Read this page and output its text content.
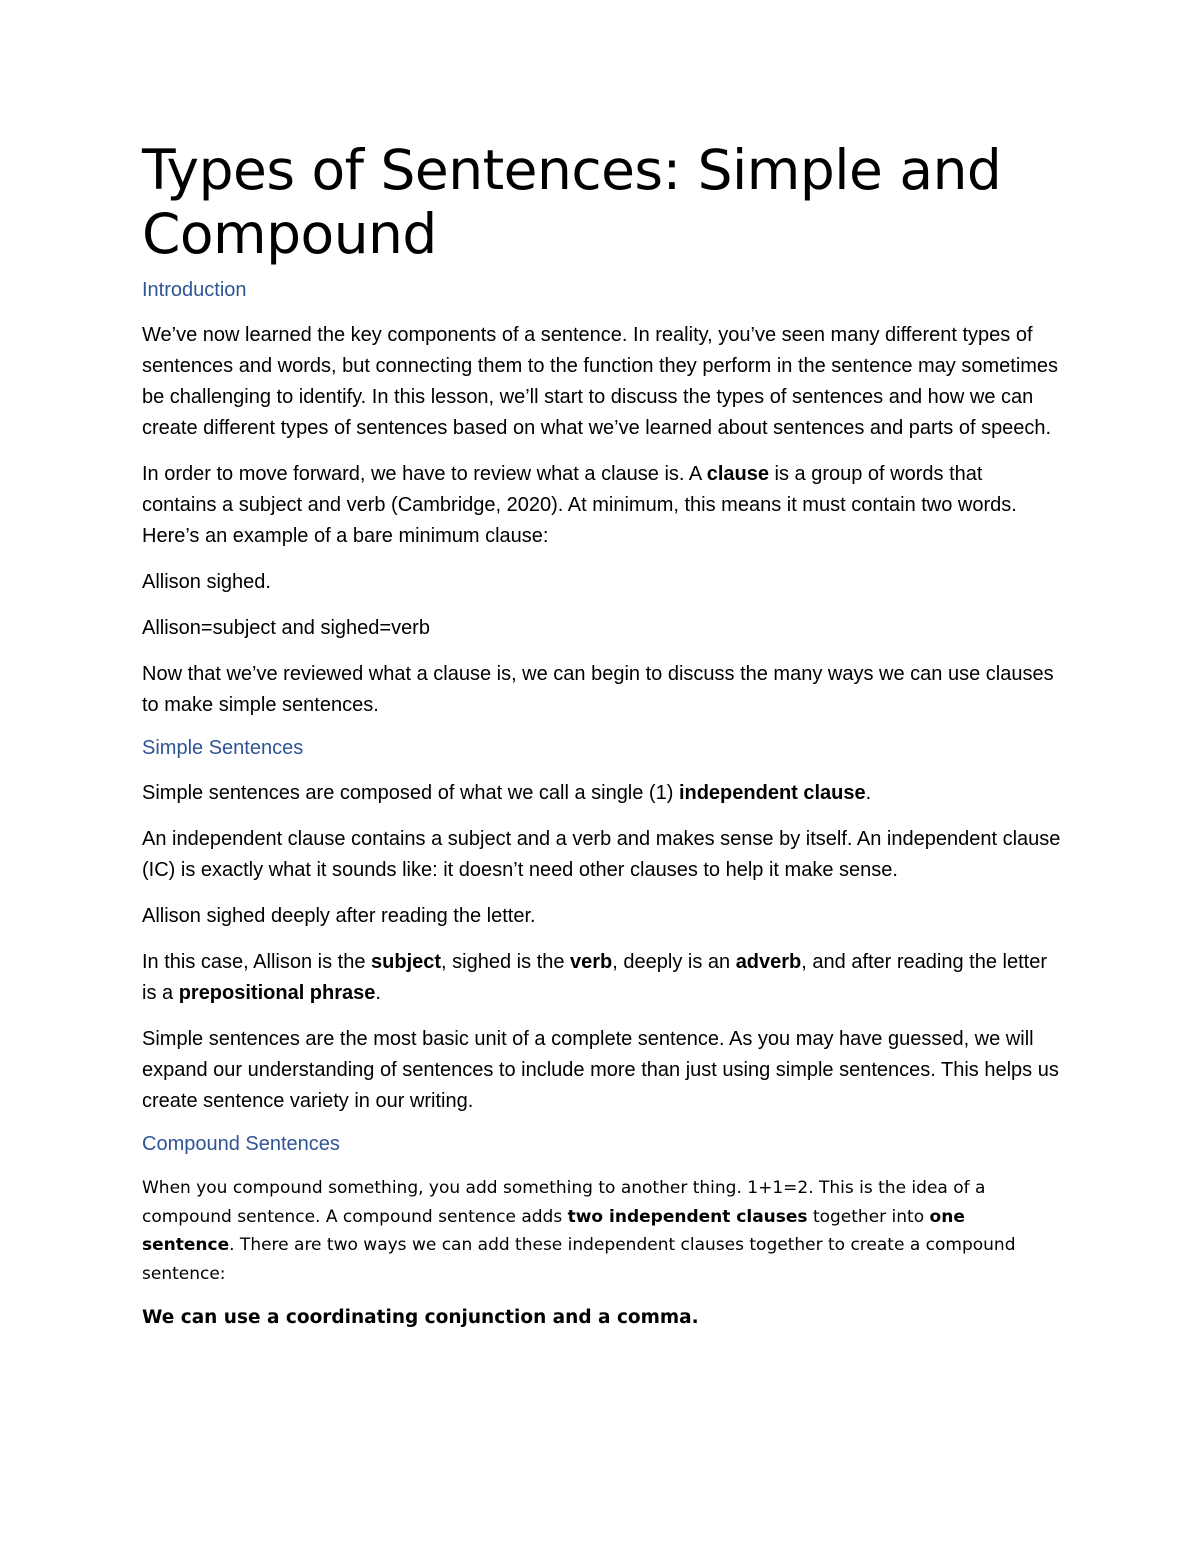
Types of Sentences: Simple and Compound
Introduction

We’ve now learned the key components of a sentence. In reality, you’ve seen many different types of sentences and words, but connecting them to the function they perform in the sentence may sometimes be challenging to identify. In this lesson, we’ll start to discuss the types of sentences and how we can create different types of sentences based on what we’ve learned about sentences and parts of speech.

In order to move forward, we have to review what a clause is. A clause is a group of words that contains a subject and verb (Cambridge, 2020). At minimum, this means it must contain two words. Here’s an example of a bare minimum clause:

Allison sighed.

Allison=subject and sighed=verb

Now that we’ve reviewed what a clause is, we can begin to discuss the many ways we can use clauses to make simple sentences.

Simple Sentences

Simple sentences are composed of what we call a single (1) independent clause.

An independent clause contains a subject and a verb and makes sense by itself. An independent clause (IC) is exactly what it sounds like: it doesn’t need other clauses to help it make sense.

Allison sighed deeply after reading the letter.

In this case, Allison is the subject, sighed is the verb, deeply is an adverb, and after reading the letter is a prepositional phrase.

Simple sentences are the most basic unit of a complete sentence. As you may have guessed, we will expand our understanding of sentences to include more than just using simple sentences. This helps us create sentence variety in our writing.

Compound Sentences

When you compound something, you add something to another thing. 1+1=2. This is the idea of a compound sentence. A compound sentence adds two independent clauses together into one sentence. There are two ways we can add these independent clauses together to create a compound sentence:

We can use a coordinating conjunction and a comma.
